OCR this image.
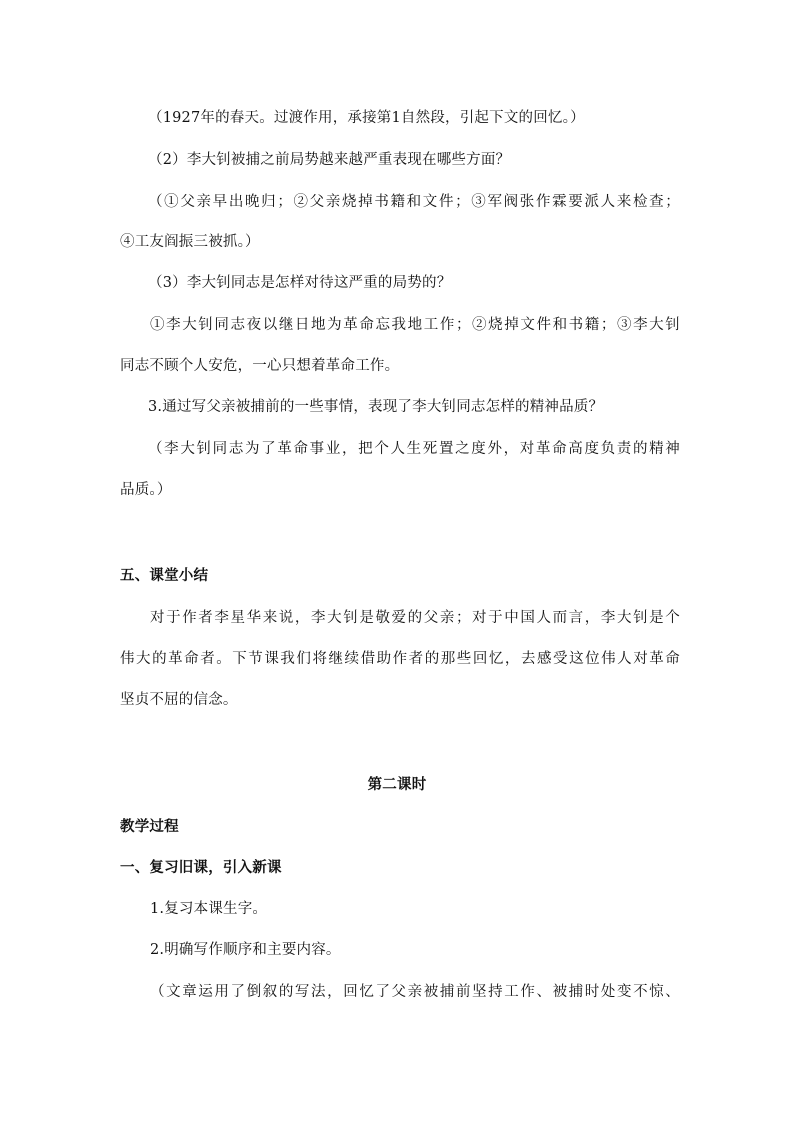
（1927年的春天。过渡作用，承接第1自然段，引起下文的回忆。）
（2）李大钊被捕之前局势越来越严重表现在哪些方面？
（①父亲早出晚归；②父亲烧掉书籍和文件；③军阀张作霖要派人来检查；
④工友阎振三被抓。）
（3）李大钊同志是怎样对待这严重的局势的？
①李大钊同志夜以继日地为革命忘我地工作；②烧掉文件和书籍；③李大钊
同志不顾个人安危，一心只想着革命工作。
3.通过写父亲被捕前的一些事情，表现了李大钊同志怎样的精神品质？
（李大钊同志为了革命事业，把个人生死置之度外，对革命高度负责的精神
品质。）
五、课堂小结
对于作者李星华来说，李大钊是敬爱的父亲；对于中国人而言，李大钊是个
伟大的革命者。下节课我们将继续借助作者的那些回忆，去感受这位伟人对革命
坚贞不屈的信念。
第二课时
教学过程
一、复习旧课，引入新课
1.复习本课生字。
2.明确写作顺序和主要内容。
（文章运用了倒叙的写法，回忆了父亲被捕前坚持工作、被捕时处变不惊、
